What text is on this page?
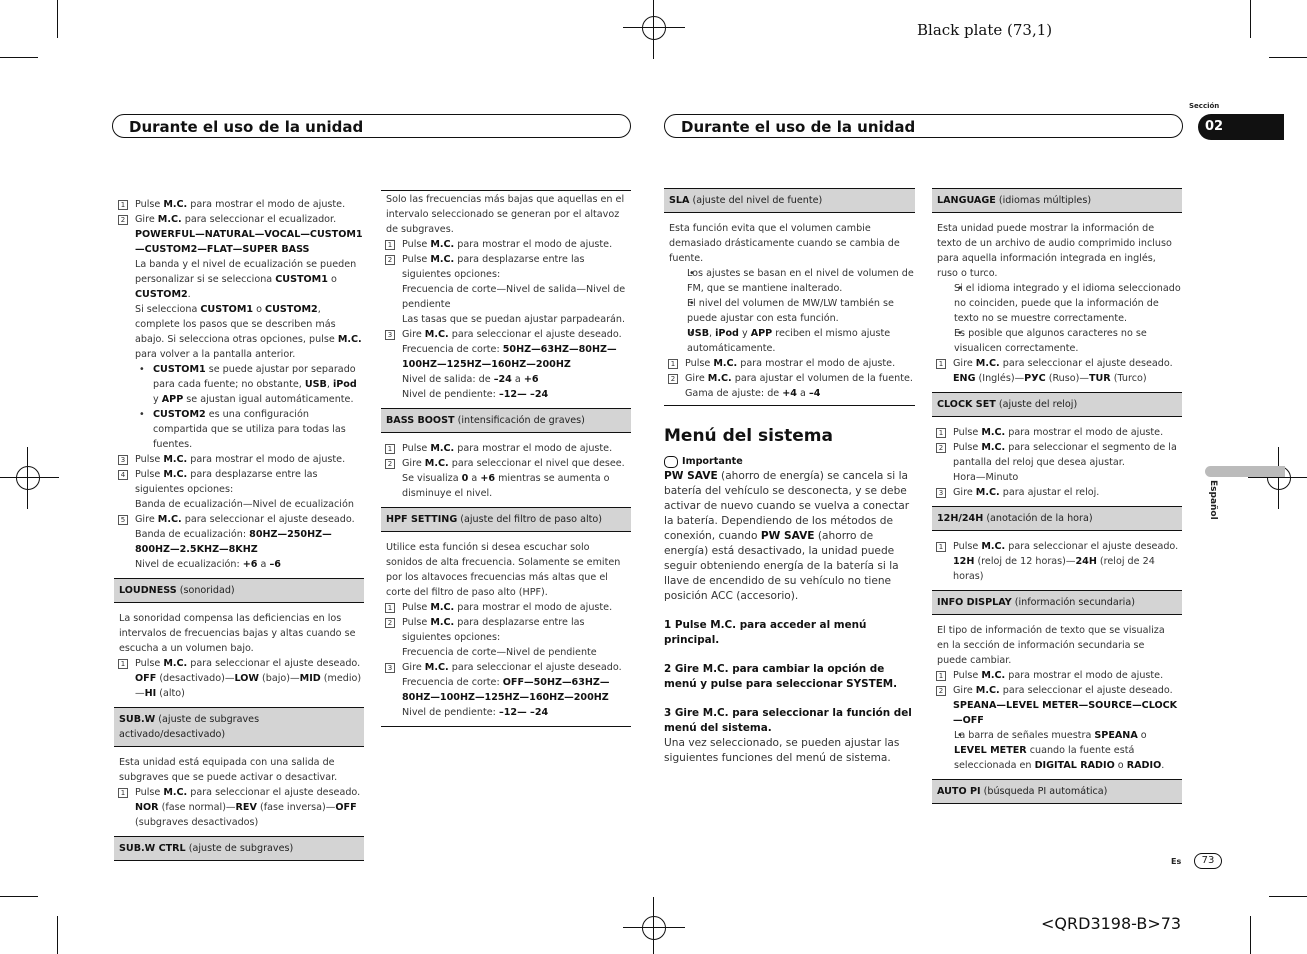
Black plate (73,1)
<QRD3198-B>73
Durante el uso de la unidad	Durante el uso de la unidad
Sección
02
Español
Es	73

1 Pulse M.C. para mostrar el modo de ajuste.

2 Gire M.C. para seleccionar el ecualizador.

POWERFUL—NATURAL—VOCAL—CUSTOM1—CUSTOM2—FLAT—SUPER BASS

La banda y el nivel de ecualización se pueden personalizar si se selecciona CUSTOM1 o CUSTOM2.

Si selecciona CUSTOM1 o CUSTOM2, complete los pasos que se describen más abajo. Si selecciona otras opciones, pulse M.C. para volver a la pantalla anterior.

• CUSTOM1 se puede ajustar por separado para cada fuente; no obstante, USB, iPod y APP se ajustan igual automáticamente.

• CUSTOM2 es una configuración compartida que se utiliza para todas las fuentes.

3 Pulse M.C. para mostrar el modo de ajuste.

4 Pulse M.C. para desplazarse entre las siguientes opciones:

Banda de ecualización—Nivel de ecualización

5 Gire M.C. para seleccionar el ajuste deseado.

Banda de ecualización: 80HZ—250HZ—800HZ—2.5KHZ—8KHZ

Nivel de ecualización: +6 a –6

LOUDNESS (sonoridad)

La sonoridad compensa las deficiencias en los intervalos de frecuencias bajas y altas cuando se escucha a un volumen bajo.

1 Pulse M.C. para seleccionar el ajuste deseado.

OFF (desactivado)—LOW (bajo)—MID (medio)—HI (alto)

SUB.W (ajuste de subgraves activado/desactivado)

Esta unidad está equipada con una salida de subgraves que se puede activar o desactivar.

1 Pulse M.C. para seleccionar el ajuste deseado.

NOR (fase normal)—REV (fase inversa)—OFF (subgraves desactivados)

SUB.W CTRL (ajuste de subgraves)

Solo las frecuencias más bajas que aquellas en el intervalo seleccionado se generan por el altavoz de subgraves.

1 Pulse M.C. para mostrar el modo de ajuste.

2 Pulse M.C. para desplazarse entre las siguientes opciones:

Frecuencia de corte—Nivel de salida—Nivel de pendiente

Las tasas que se puedan ajustar parpadearán.

3 Gire M.C. para seleccionar el ajuste deseado.

Frecuencia de corte: 50HZ—63HZ—80HZ—100HZ—125HZ—160HZ—200HZ

Nivel de salida: de –24 a +6

Nivel de pendiente: –12— –24

BASS BOOST (intensificación de graves)

1 Pulse M.C. para mostrar el modo de ajuste.

2 Gire M.C. para seleccionar el nivel que desee.

Se visualiza 0 a +6 mientras se aumenta o disminuye el nivel.

HPF SETTING (ajuste del filtro de paso alto)

Utilice esta función si desea escuchar solo sonidos de alta frecuencia. Solamente se emiten por los altavoces frecuencias más altas que el corte del filtro de paso alto (HPF).

1 Pulse M.C. para mostrar el modo de ajuste.

2 Pulse M.C. para desplazarse entre las siguientes opciones:

Frecuencia de corte—Nivel de pendiente

3 Gire M.C. para seleccionar el ajuste deseado.

Frecuencia de corte: OFF—50HZ—63HZ—80HZ—100HZ—125HZ—160HZ—200HZ

Nivel de pendiente: –12— –24

SLA (ajuste del nivel de fuente)

Esta función evita que el volumen cambie demasiado drásticamente cuando se cambia de fuente.

• Los ajustes se basan en el nivel de volumen de FM, que se mantiene inalterado.

• El nivel del volumen de MW/LW también se puede ajustar con esta función.

• USB, iPod y APP reciben el mismo ajuste automáticamente.

1 Pulse M.C. para mostrar el modo de ajuste.

2 Gire M.C. para ajustar el volumen de la fuente.

Gama de ajuste: de +4 a –4

Menú del sistema

Importante

PW SAVE (ahorro de energía) se cancela si la batería del vehículo se desconecta, y se debe activar de nuevo cuando se vuelva a conectar la batería. Dependiendo de los métodos de conexión, cuando PW SAVE (ahorro de energía) está desactivado, la unidad puede seguir obteniendo energía de la batería si la llave de encendido de su vehículo no tiene posición ACC (accesorio).

1 Pulse M.C. para acceder al menú principal.

2 Gire M.C. para cambiar la opción de menú y pulse para seleccionar SYSTEM.

3 Gire M.C. para seleccionar la función del menú del sistema.

Una vez seleccionado, se pueden ajustar las siguientes funciones del menú de sistema.

LANGUAGE (idiomas múltiples)

Esta unidad puede mostrar la información de texto de un archivo de audio comprimido incluso para aquella información integrada en inglés, ruso o turco.

• Si el idioma integrado y el idioma seleccionado no coinciden, puede que la información de texto no se muestre correctamente.

• Es posible que algunos caracteres no se visualicen correctamente.

1 Gire M.C. para seleccionar el ajuste deseado.

ENG (Inglés)—РУС (Ruso)—TUR (Turco)

CLOCK SET (ajuste del reloj)

1 Pulse M.C. para mostrar el modo de ajuste.

2 Pulse M.C. para seleccionar el segmento de la pantalla del reloj que desea ajustar.

Hora—Minuto

3 Gire M.C. para ajustar el reloj.

12H/24H (anotación de la hora)

1 Pulse M.C. para seleccionar el ajuste deseado.

12H (reloj de 12 horas)—24H (reloj de 24 horas)

INFO DISPLAY (información secundaria)

El tipo de información de texto que se visualiza en la sección de información secundaria se puede cambiar.

1 Pulse M.C. para mostrar el modo de ajuste.

2 Gire M.C. para seleccionar el ajuste deseado.

SPEANA—LEVEL METER—SOURCE—CLOCK—OFF

• La barra de señales muestra SPEANA o LEVEL METER cuando la fuente está seleccionada en DIGITAL RADIO o RADIO.

AUTO PI (búsqueda PI automática)
